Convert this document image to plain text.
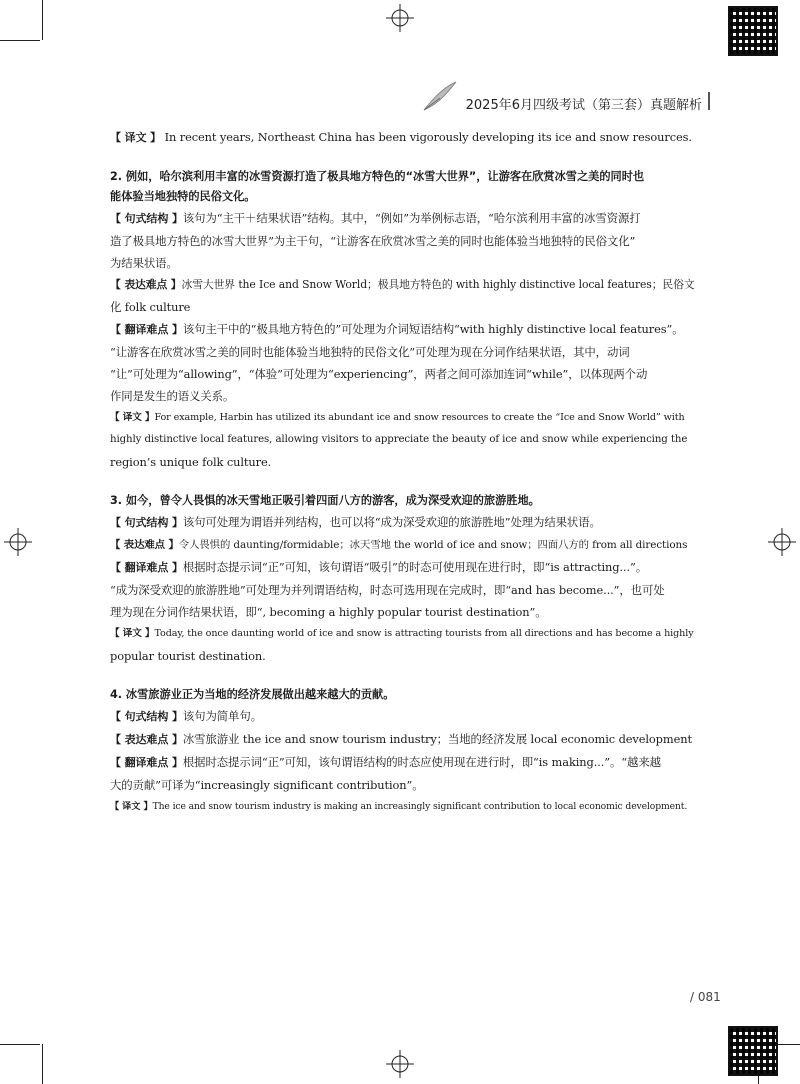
2025年6月四级考试（第三套）真题解析

【 译文 】 In recent years, Northeast China has been vigorously developing its ice and snow resources.

2. 例如，哈尔滨利用丰富的冰雪资源打造了极具地方特色的“冰雪大世界”，让游客在欣赏冰雪之美的同时也

能体验当地独特的民俗文化。

【 句式结构 】该句为“主干＋结果状语”结构。其中，“例如”为举例标志语，“哈尔滨利用丰富的冰雪资源打

造了极具地方特色的冰雪大世界”为主干句，“让游客在欣赏冰雪之美的同时也能体验当地独特的民俗文化”

为结果状语。

【 表达难点 】冰雪大世界 the Ice and Snow World；极具地方特色的 with highly distinctive local features；民俗文

化 folk culture

【 翻译难点 】该句主干中的“极具地方特色的”可处理为介词短语结构“with highly distinctive local features”。

“让游客在欣赏冰雪之美的同时也能体验当地独特的民俗文化”可处理为现在分词作结果状语，其中，动词

“让”可处理为“allowing”，“体验”可处理为“experiencing”，两者之间可添加连词“while”，以体现两个动

作同是发生的语义关系。

【 译文 】For example, Harbin has utilized its abundant ice and snow resources to create the “Ice and Snow World” with

highly distinctive local features, allowing visitors to appreciate the beauty of ice and snow while experiencing the

region’s unique folk culture.

3. 如今，曾令人畏惧的冰天雪地正吸引着四面八方的游客，成为深受欢迎的旅游胜地。

【 句式结构 】该句可处理为谓语并列结构，也可以将“成为深受欢迎的旅游胜地”处理为结果状语。

【 表达难点 】令人畏惧的 daunting/formidable；冰天雪地 the world of ice and snow；四面八方的 from all directions

【 翻译难点 】根据时态提示词“正”可知，该句谓语“吸引”的时态可使用现在进行时，即“is attracting...”。

“成为深受欢迎的旅游胜地”可处理为并列谓语结构，时态可选用现在完成时，即“and has become...”，也可处

理为现在分词作结果状语，即“, becoming a highly popular tourist destination”。

【 译文 】Today, the once daunting world of ice and snow is attracting tourists from all directions and has become a highly

popular tourist destination.

4. 冰雪旅游业正为当地的经济发展做出越来越大的贡献。

【 句式结构 】该句为简单句。

【 表达难点 】冰雪旅游业 the ice and snow tourism industry；当地的经济发展 local economic development

【 翻译难点 】根据时态提示词“正”可知，该句谓语结构的时态应使用现在进行时，即“is making...”。“越来越

大的贡献”可译为“increasingly significant contribution”。

【 译文 】The ice and snow tourism industry is making an increasingly significant contribution to local economic development.

/ 081
